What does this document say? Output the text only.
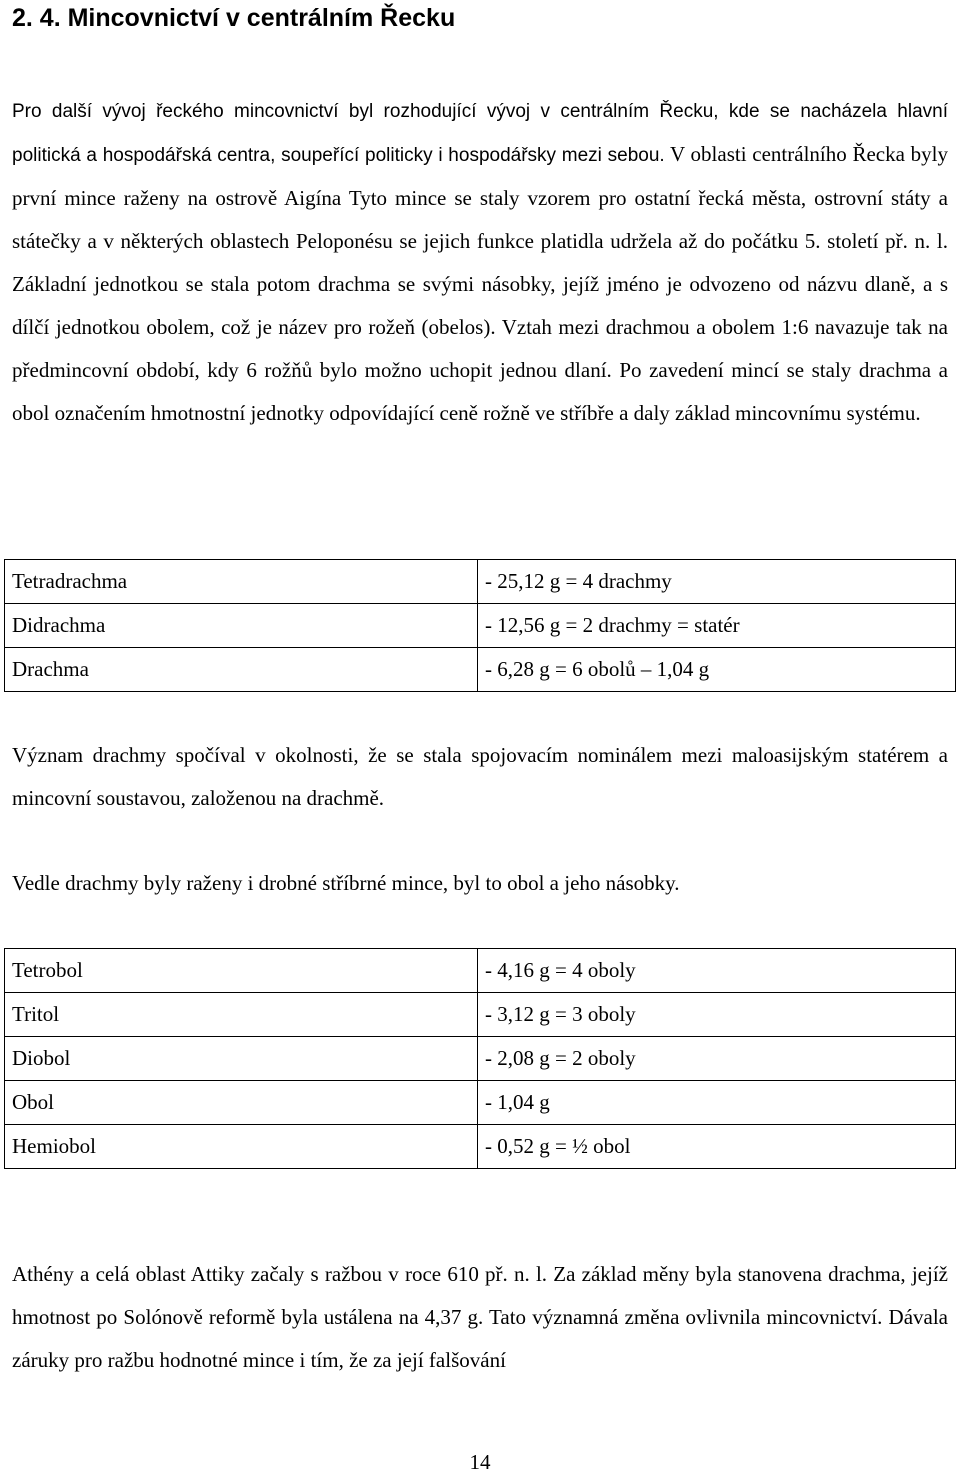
2. 4. Mincovnictví v centrálním Řecku

Pro další vývoj řeckého mincovnictví byl rozhodující vývoj v centrálním Řecku, kde se nacházela hlavní politická a hospodářská centra, soupeřící politicky i hospodářsky mezi sebou. V oblasti centrálního Řecka byly první mince raženy na ostrově Aigína Tyto mince se staly vzorem pro ostatní řecká města, ostrovní státy a státečky a v některých oblastech Peloponésu se jejich funkce platidla udržela až do počátku 5. století př. n. l. Základní jednotkou se stala potom drachma se svými násobky, jejíž jméno je odvozeno od názvu dlaně, a s dílčí jednotkou obolem, což je název pro rožeň (obelos). Vztah mezi drachmou a obolem 1:6 navazuje tak na předmincovní období, kdy 6 rožňů bylo možno uchopit jednou dlaní. Po zavedení mincí se staly drachma a obol označením hmotnostní jednotky odpovídající ceně rožně ve stříbře a daly základ mincovnímu systému.

Tetradrachma	- 25,12 g = 4 drachmy
Didrachma	- 12,56 g = 2 drachmy = statér
Drachma	- 6,28 g = 6 obolů – 1,04 g

Význam drachmy spočíval v okolnosti, že se stala spojovacím nominálem mezi maloasijským statérem a mincovní soustavou, založenou na drachmě.

Vedle drachmy byly raženy i drobné stříbrné mince, byl to obol a jeho násobky.

Tetrobol	- 4,16 g = 4 oboly
Tritol	- 3,12 g = 3 oboly
Diobol	- 2,08 g = 2 oboly
Obol	- 1,04 g
Hemiobol	- 0,52 g = ½ obol

Athény a celá oblast Attiky začaly s ražbou v roce 610 př. n. l. Za základ měny byla stanovena drachma, jejíž hmotnost po Solónově reformě byla ustálena na 4,37 g. Tato významná změna ovlivnila mincovnictví. Dávala záruky pro ražbu hodnotné mince i tím, že za její falšování

14
